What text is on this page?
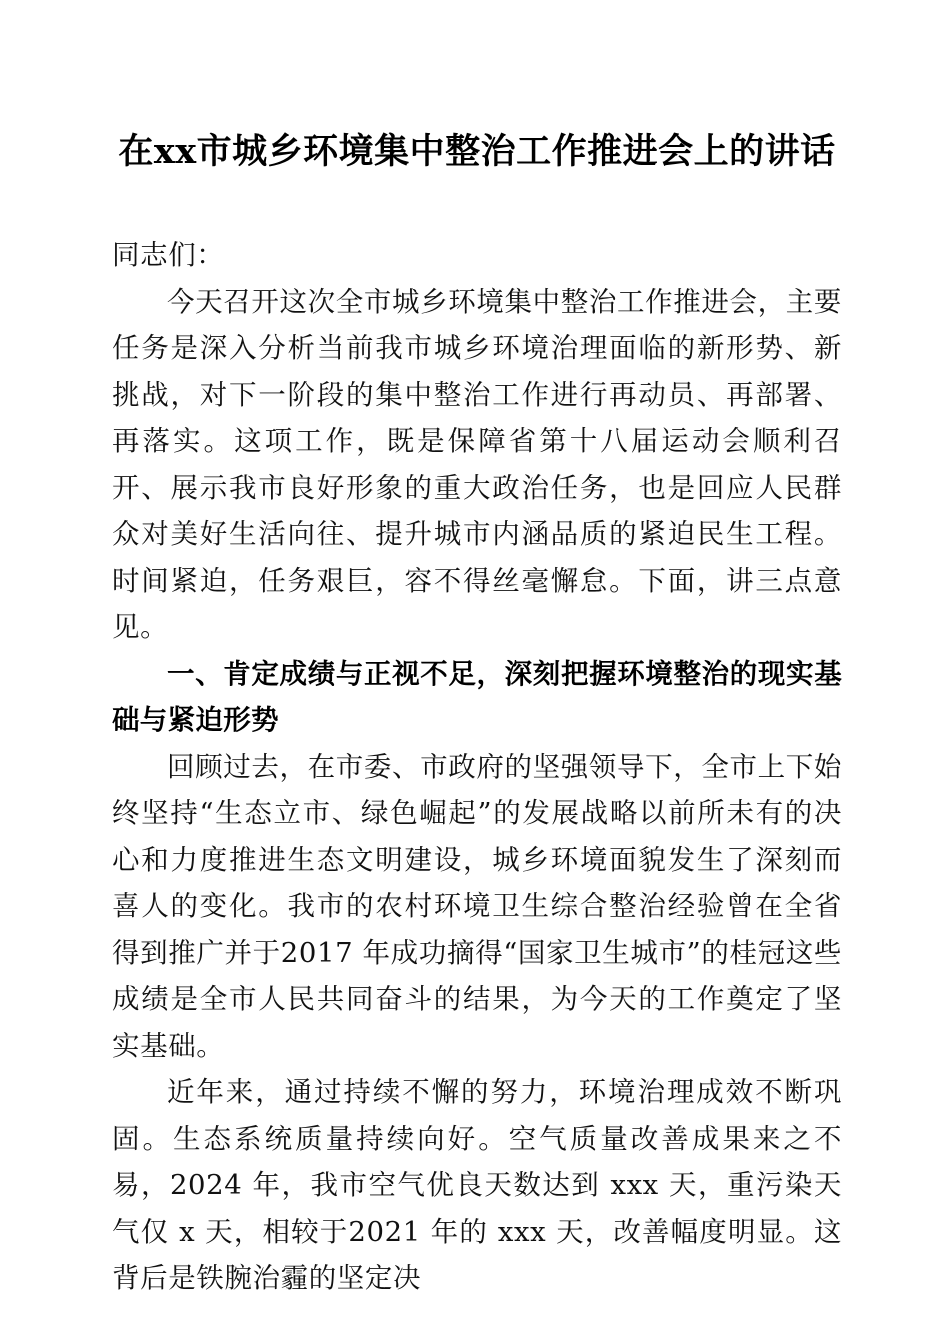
在xx市城乡环境集中整治工作推进会上的讲话

同志们：

今天召开这次全市城乡环境集中整治工作推进会，主要任务是深入分析当前我市城乡环境治理面临的新形势、新挑战，对下一阶段的集中整治工作进行再动员、再部署、再落实。这项工作，既是保障省第十八届运动会顺利召开、展示我市良好形象的重大政治任务，也是回应人民群众对美好生活向往、提升城市内涵品质的紧迫民生工程。时间紧迫，任务艰巨，容不得丝毫懈怠。下面，讲三点意见。

一、肯定成绩与正视不足，深刻把握环境整治的现实基础与紧迫形势

回顾过去，在市委、市政府的坚强领导下，全市上下始终坚持“生态立市、绿色崛起”的发展战略以前所未有的决心和力度推进生态文明建设，城乡环境面貌发生了深刻而喜人的变化。我市的农村环境卫生综合整治经验曾在全省得到推广并于2017 年成功摘得“国家卫生城市”的桂冠这些成绩是全市人民共同奋斗的结果，为今天的工作奠定了坚实基础。

近年来，通过持续不懈的努力，环境治理成效不断巩固。生态系统质量持续向好。空气质量改善成果来之不易，2024 年，我市空气优良天数达到 xxx 天，重污染天气仅 x 天，相较于2021 年的 xxx 天，改善幅度明显。这背后是铁腕治霾的坚定决
